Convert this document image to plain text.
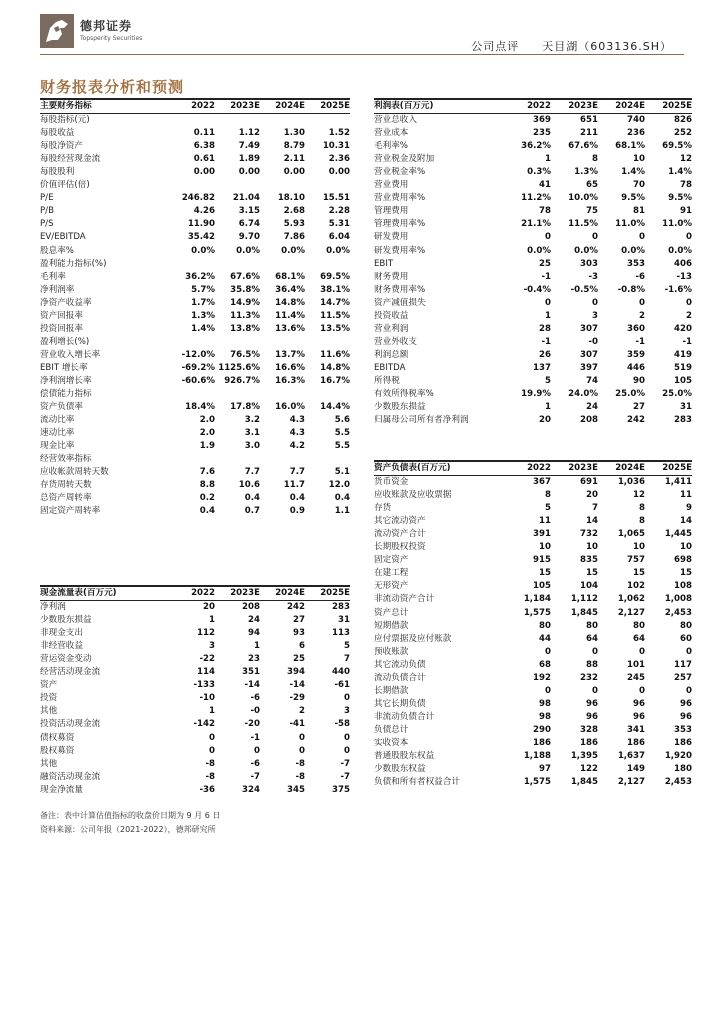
德邦证券
Topsperity Securities
公司点评 天目湖（603136.SH）
财务报表分析和预测
主要财务指标	2022	2023E	2024E	2025E
每股指标(元)				
每股收益	0.11	1.12	1.30	1.52
每股净资产	6.38	7.49	8.79	10.31
每股经营现金流	0.61	1.89	2.11	2.36
每股股利	0.00	0.00	0.00	0.00
价值评估(倍)				
P/E	246.82	21.04	18.10	15.51
P/B	4.26	3.15	2.68	2.28
P/S	11.90	6.74	5.93	5.31
EV/EBITDA	35.42	9.70	7.86	6.04
股息率%	0.0%	0.0%	0.0%	0.0%
盈利能力指标(%)				
毛利率	36.2%	67.6%	68.1%	69.5%
净利润率	5.7%	35.8%	36.4%	38.1%
净资产收益率	1.7%	14.9%	14.8%	14.7%
资产回报率	1.3%	11.3%	11.4%	11.5%
投资回报率	1.4%	13.8%	13.6%	13.5%
盈利增长(%)				
营业收入增长率	-12.0%	76.5%	13.7%	11.6%
EBIT 增长率	-69.2%	1125.6%	16.6%	14.8%
净利润增长率	-60.6%	926.7%	16.3%	16.7%
偿债能力指标				
资产负债率	18.4%	17.8%	16.0%	14.4%
流动比率	2.0	3.2	4.3	5.6
速动比率	2.0	3.1	4.3	5.5
现金比率	1.9	3.0	4.2	5.5
经营效率指标				
应收帐款周转天数	7.6	7.7	7.7	5.1
存货周转天数	8.8	10.6	11.7	12.0
总资产周转率	0.2	0.4	0.4	0.4
固定资产周转率	0.4	0.7	0.9	1.1
利润表(百万元)	2022	2023E	2024E	2025E
营业总收入	369	651	740	826
营业成本	235	211	236	252
毛利率%	36.2%	67.6%	68.1%	69.5%
营业税金及附加	1	8	10	12
营业税金率%	0.3%	1.3%	1.4%	1.4%
营业费用	41	65	70	78
营业费用率%	11.2%	10.0%	9.5%	9.5%
管理费用	78	75	81	91
管理费用率%	21.1%	11.5%	11.0%	11.0%
研发费用	0	0	0	0
研发费用率%	0.0%	0.0%	0.0%	0.0%
EBIT	25	303	353	406
财务费用	-1	-3	-6	-13
财务费用率%	-0.4%	-0.5%	-0.8%	-1.6%
资产减值损失	0	0	0	0
投资收益	1	3	2	2
营业利润	28	307	360	420
营业外收支	-1	-0	-1	-1
利润总额	26	307	359	419
EBITDA	137	397	446	519
所得税	5	74	90	105
有效所得税率%	19.9%	24.0%	25.0%	25.0%
少数股东损益	1	24	27	31
归属母公司所有者净利润	20	208	242	283
资产负债表(百万元)	2022	2023E	2024E	2025E
货币资金	367	691	1,036	1,411
应收账款及应收票据	8	20	12	11
存货	5	7	8	9
其它流动资产	11	14	8	14
流动资产合计	391	732	1,065	1,445
长期股权投资	10	10	10	10
固定资产	915	835	757	698
在建工程	15	15	15	15
无形资产	105	104	102	108
非流动资产合计	1,184	1,112	1,062	1,008
资产总计	1,575	1,845	2,127	2,453
短期借款	80	80	80	80
应付票据及应付账款	44	64	64	60
预收账款	0	0	0	0
其它流动负债	68	88	101	117
流动负债合计	192	232	245	257
长期借款	0	0	0	0
其它长期负债	98	96	96	96
非流动负债合计	98	96	96	96
负债总计	290	328	341	353
实收资本	186	186	186	186
普通股股东权益	1,188	1,395	1,637	1,920
少数股东权益	97	122	149	180
负债和所有者权益合计	1,575	1,845	2,127	2,453
现金流量表(百万元)	2022	2023E	2024E	2025E
净利润	20	208	242	283
少数股东损益	1	24	27	31
非现金支出	112	94	93	113
非经营收益	3	1	6	5
营运资金变动	-22	23	25	7
经营活动现金流	114	351	394	440
资产	-133	-14	-14	-61
投资	-10	-6	-29	0
其他	1	-0	2	3
投资活动现金流	-142	-20	-41	-58
债权募资	0	-1	0	0
股权募资	0	0	0	0
其他	-8	-6	-8	-7
融资活动现金流	-8	-7	-8	-7
现金净流量	-36	324	345	375
备注：表中计算估值指标的收盘价日期为 9 月 6 日
资料来源：公司年报（2021-2022），德邦研究所
